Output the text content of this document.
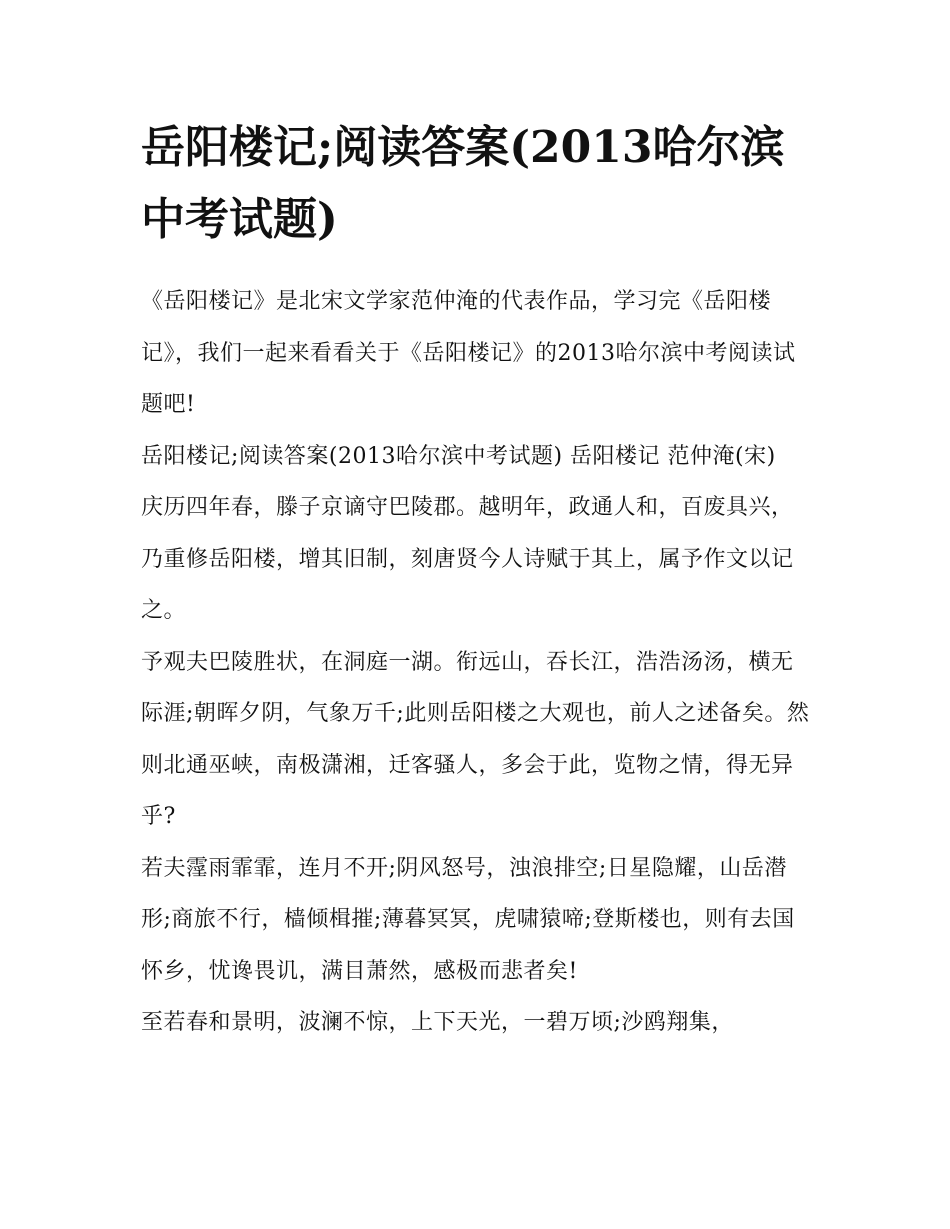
岳阳楼记;阅读答案(2013哈尔滨中考试题)

《岳阳楼记》是北宋文学家范仲淹的代表作品，学习完《岳阳楼记》，我们一起来看看关于《岳阳楼记》的2013哈尔滨中考阅读试题吧!

岳阳楼记;阅读答案(2013哈尔滨中考试题) 岳阳楼记 范仲淹(宋)

庆历四年春，滕子京谪守巴陵郡。越明年，政通人和，百废具兴，乃重修岳阳楼，增其旧制，刻唐贤今人诗赋于其上，属予作文以记之。

予观夫巴陵胜状，在洞庭一湖。衔远山，吞长江，浩浩汤汤，横无际涯;朝晖夕阴，气象万千;此则岳阳楼之大观也，前人之述备矣。然则北通巫峡，南极潇湘，迁客骚人，多会于此，览物之情，得无异乎?

若夫霪雨霏霏，连月不开;阴风怒号，浊浪排空;日星隐耀，山岳潜形;商旅不行，樯倾楫摧;薄暮冥冥，虎啸猿啼;登斯楼也，则有去国怀乡，忧谗畏讥，满目萧然，感极而悲者矣!

至若春和景明，波澜不惊，上下天光，一碧万顷;沙鸥翔集，
